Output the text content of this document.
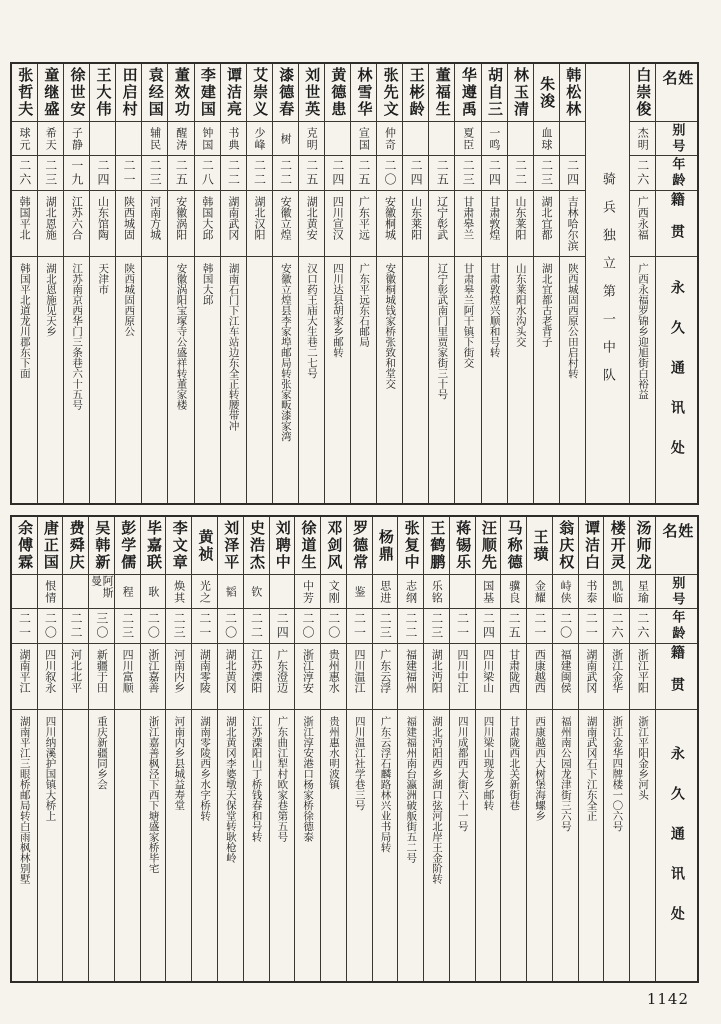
姓名
别号
年龄
籍贯
永久通讯处
白崇俊
杰明
二六
广西永福
广西永福罗锦乡迎旭街白裕益
骑兵独立第一中队
韩松林
二四
吉林哈尔滨
陕西城固西原公田启村转
朱浚
血球
二三
湖北宜都
湖北宜都古老背子
林玉清
二二
山东莱阳
山东莱阳水沟头交
胡自三
一鸣
二四
甘肃敦煌
甘肃敦煌兴顺和号转
华遵禹
夏臣
二三
甘肃皋兰
甘肃皋兰阿干镇下街交
董福生
二五
辽宁彰武
辽宁彰武南门里贾家街三十号
王彬龄
二四
山东莱阳
张先文
仲奇
二〇
安徽桐城
安徽桐城钱家桥张致和堂交
林雪华
宣国
二五
广东平远
广东平远东石邮局
黄德患
二四
四川宣汉
四川达县胡家乡邮转
刘世英
克明
二五
湖北黄安
汉口药王庙大生巷二七号
漆德春
树
二二
安徽立煌
安徽立煌县李家埠邮局转张家畈漆家湾
艾崇义
少峰
二二
湖北汉阳
谭洁亮
书典
二二
湖南武冈
湖南石门下江车站边东全正转腰带冲
李建国
钟国
二八
韩国大邱
韩国大邱
董效功
醒涛
二五
安徽涡阳
安徽涡阳宝塚寺公盛祥转董家楼
袁经国
辅民
二三
河南方城
田启村
二一
陕西城固
陕西城固西原公
王大伟
二四
山东馆陶
天津市
徐世安
子静
一九
江苏六合
江苏南京西华门三条巷六十五号
童继盛
希天
二三
湖北恩施
湖北恩施见天乡
张哲夫
球元
二六
韩国平北
韩国平北道龙川郡东下面
姓名
别号
年龄
籍贯
永久通讯处
汤师龙
星瑜
二六
浙江平阳
浙江平阳金乡河头
楼开灵
凯临
二六
浙江金华
浙江金华四牌楼一〇六号
谭洁白
书泰
二一
湖南武冈
湖南武冈石下江东全正
翁庆权
峙侠
二〇
福建闽侯
福州南公园龙津街三六号
王璜
金耀
二一
西康越西
西康越西大树堡海螺乡
马称德
骥良
二五
甘肃陇西
甘肃陇西北关新街巷
汪顺先
国基
二四
四川梁山
四川梁山现龙乡邮转
蒋锡乐
二一
四川中江
四川成都西大街六十一号
王鹤鹏
乐铭
二三
湖北沔阳
湖北沔阳西乡湖口弦河北岸王金阶转
张复中
志纲
二二
福建福州
福建福州南台瀛洲破舨街五二号
杨鼎
思进
二三
广东云浮
广东云浮石麟路林兴业书局转
罗德常
鉴
二一
四川温江
四川温江社学巷三号
邓剑风
文刚
二〇
贵州惠水
贵州惠水明波镇
徐道生
中芳
二〇
浙江淳安
浙江淳安港口杨家桥徐德泰
刘聘中
二四
广东澄迈
广东曲江犁村欧家巷第五号
史浩杰
钦
二二
江苏溧阳
江苏溧阳山丁桥钱春和号转
刘泽平
韬
二〇
湖北黄冈
湖北黄冈李婆墩天保堂转耿枪岭
黄祯
光之
二一
湖南零陵
湖南零陵西乡水字桥转
李文章
焕其
二三
河南内乡
河南内乡县城益寿堂
毕嘉联
耿
二〇
浙江嘉善
浙江嘉善枫泾下西下塘盛家桥毕宅
彭学儒
程
二三
四川富顺
吴韩新
阿斯曼
三〇
新疆于田
重庆新疆同乡会
费舜庆
二二
河北北平
唐正国
恨情
二〇
四川叙永
四川纳溪护国镇大桥上
余傅霖
二一
湖南平江
湖南平江三眼桥邮局转白雨枫林别墅
1142
